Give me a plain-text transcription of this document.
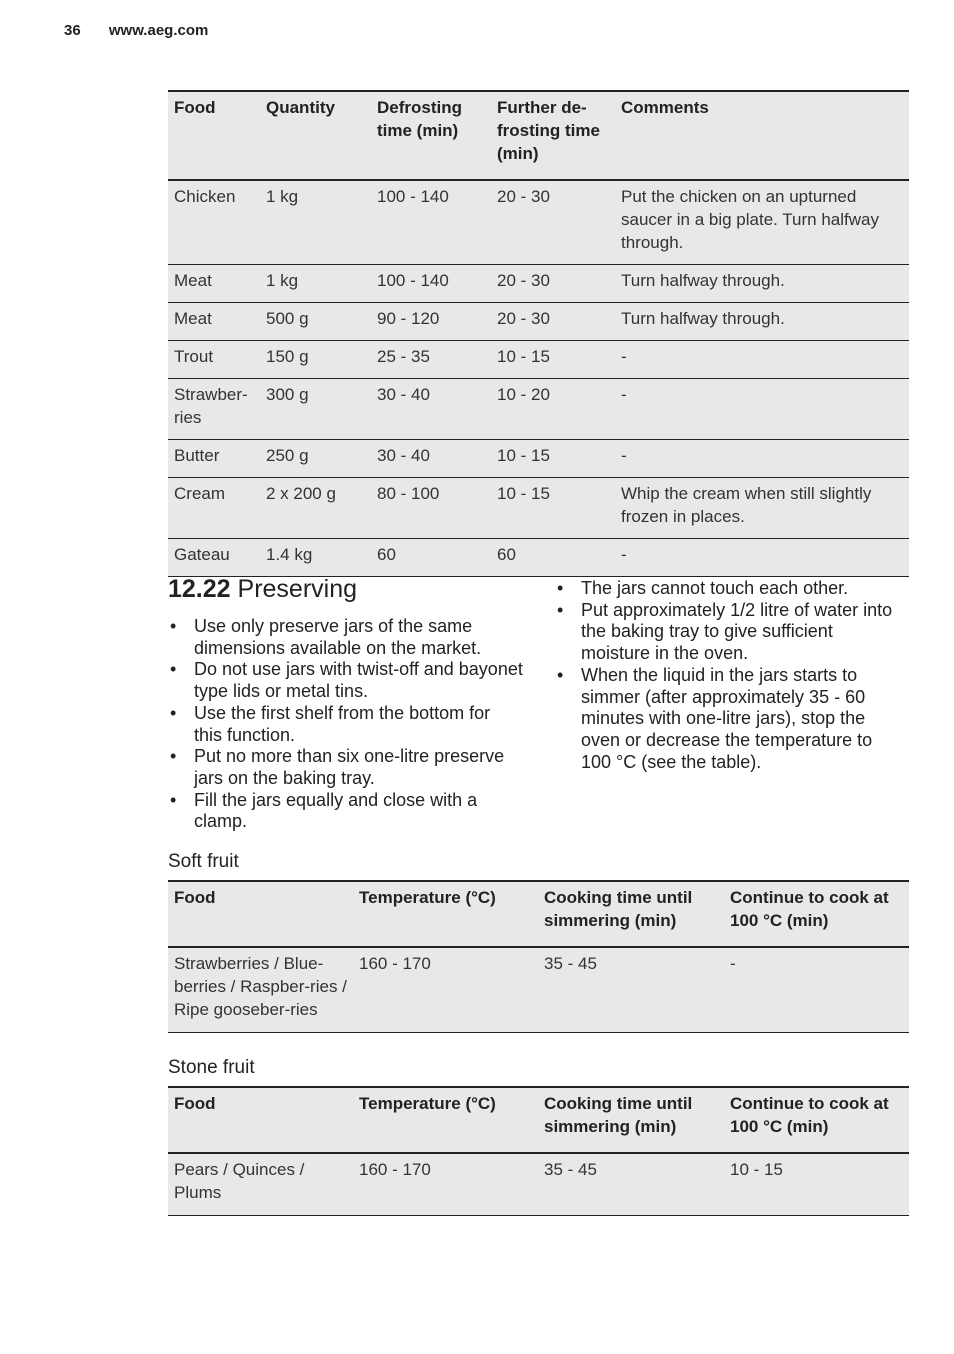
36 www.aeg.com
Food	Quantity	Defrosting time (min)	Further de-frosting time (min)	Comments
Chicken	1 kg	100 - 140	20 - 30	Put the chicken on an upturned saucer in a big plate. Turn halfway through.
Meat	1 kg	100 - 140	20 - 30	Turn halfway through.
Meat	500 g	90 - 120	20 - 30	Turn halfway through.
Trout	150 g	25 - 35	10 - 15	-
Strawber-ries	300 g	30 - 40	10 - 20	-
Butter	250 g	30 - 40	10 - 15	-
Cream	2 x 200 g	80 - 100	10 - 15	Whip the cream when still slightly frozen in places.
Gateau	1.4 kg	60	60	-
12.22 Preserving
• Use only preserve jars of the same dimensions available on the market.
• Do not use jars with twist-off and bayonet type lids or metal tins.
• Use the first shelf from the bottom for this function.
• Put no more than six one-litre preserve jars on the baking tray.
• Fill the jars equally and close with a clamp.
• The jars cannot touch each other.
• Put approximately 1/2 litre of water into the baking tray to give sufficient moisture in the oven.
• When the liquid in the jars starts to simmer (after approximately 35 - 60 minutes with one-litre jars), stop the oven or decrease the temperature to 100 °C (see the table).
Soft fruit
Food	Temperature (°C)	Cooking time until simmering (min)	Continue to cook at 100 °C (min)
Strawberries / Blue-berries / Raspber-ries / Ripe gooseber-ries	160 - 170	35 - 45	-
Stone fruit
Food	Temperature (°C)	Cooking time until simmering (min)	Continue to cook at 100 °C (min)
Pears / Quinces / Plums	160 - 170	35 - 45	10 - 15
